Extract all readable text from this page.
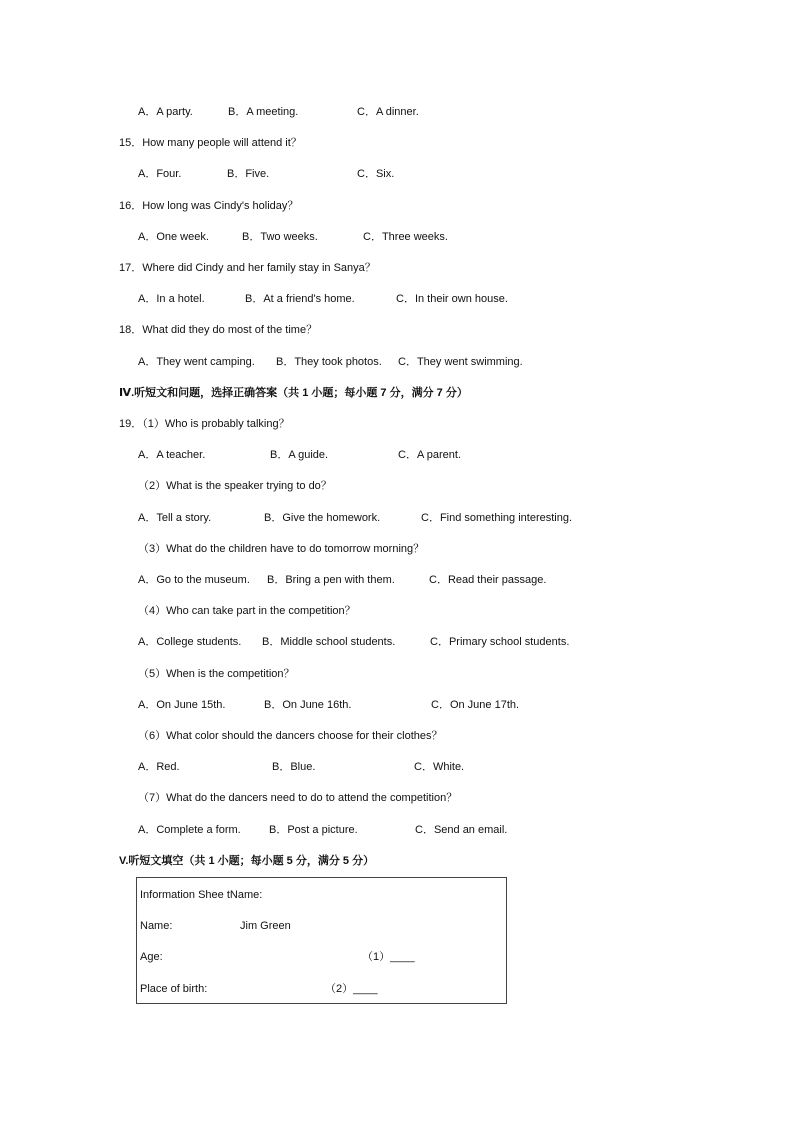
A．A party.	B．A meeting.	C．A dinner.
15．How many people will attend it？
A．Four.	B．Five.	C．Six.
16．How long was Cindy's holiday？
A．One week.	B．Two weeks.	C．Three weeks.
17．Where did Cindy and her family stay in Sanya？
A．In a hotel.	B．At a friend's home.	C．In their own house.
18．What did they do most of the time？
A．They went camping. B．They took photos. C．They went swimming.
Ⅳ.听短文和问题，选择正确答案（共 1 小题；每小题 7 分，满分 7 分）
19．（1）Who is probably talking？
A．A teacher.	B．A guide.	C．A parent.
（2）What is the speaker trying to do？
A．Tell a story.	B．Give the homework.	C．Find something interesting.
（3）What do the children have to do tomorrow morning？
A．Go to the museum. B．Bring a pen with them.	C．Read their passage.
（4）Who can take part in the competition？
A．College students. B．Middle school students.	C．Primary school students.
（5）When is the competition？
A．On June 15th.	B．On June 16th.	C．On June 17th.
（6）What color should the dancers choose for their clothes？
A．Red.	B．Blue.	C．White.
（7）What do the dancers need to do to attend the competition？
A．Complete a form.	B．Post a picture.	C．Send an email.
V.听短文填空（共 1 小题；每小题 5 分，满分 5 分）
Information Shee tName:
Name:	Jim Green
Age:	（1）____
Place of birth:	（2）____
